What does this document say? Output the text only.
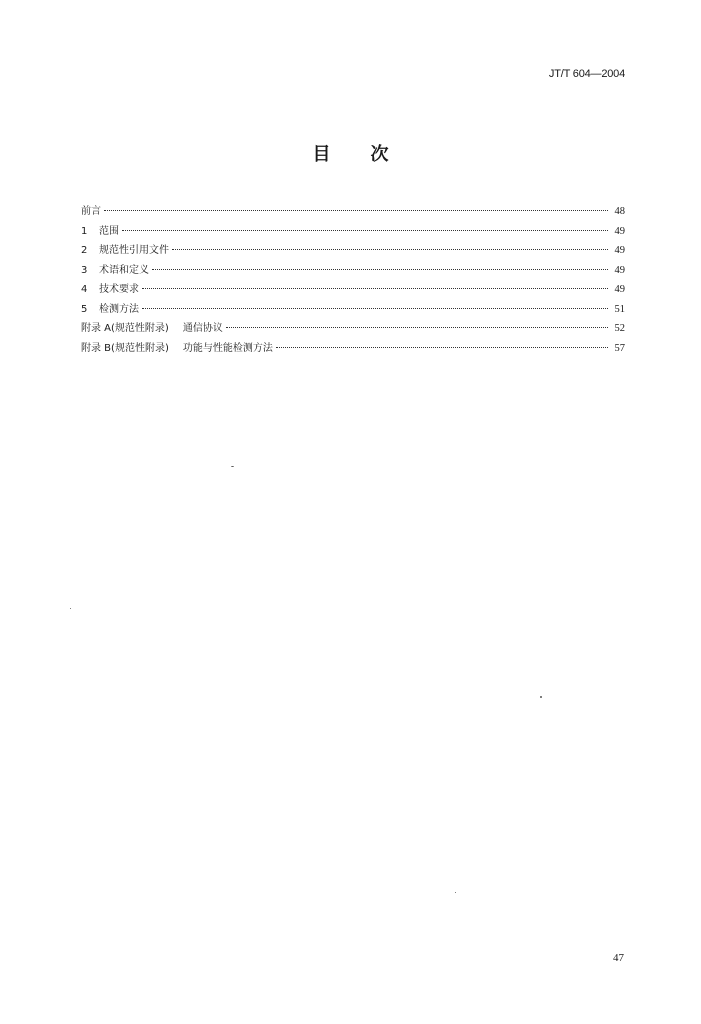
JT/T 604—2004
目 次
前言	48
1 范围	49
2 规范性引用文件	49
3 术语和定义	49
4 技术要求	49
5 检测方法	51
附录 A(规范性附录) 通信协议	52
附录 B(规范性附录) 功能与性能检测方法	57
47
